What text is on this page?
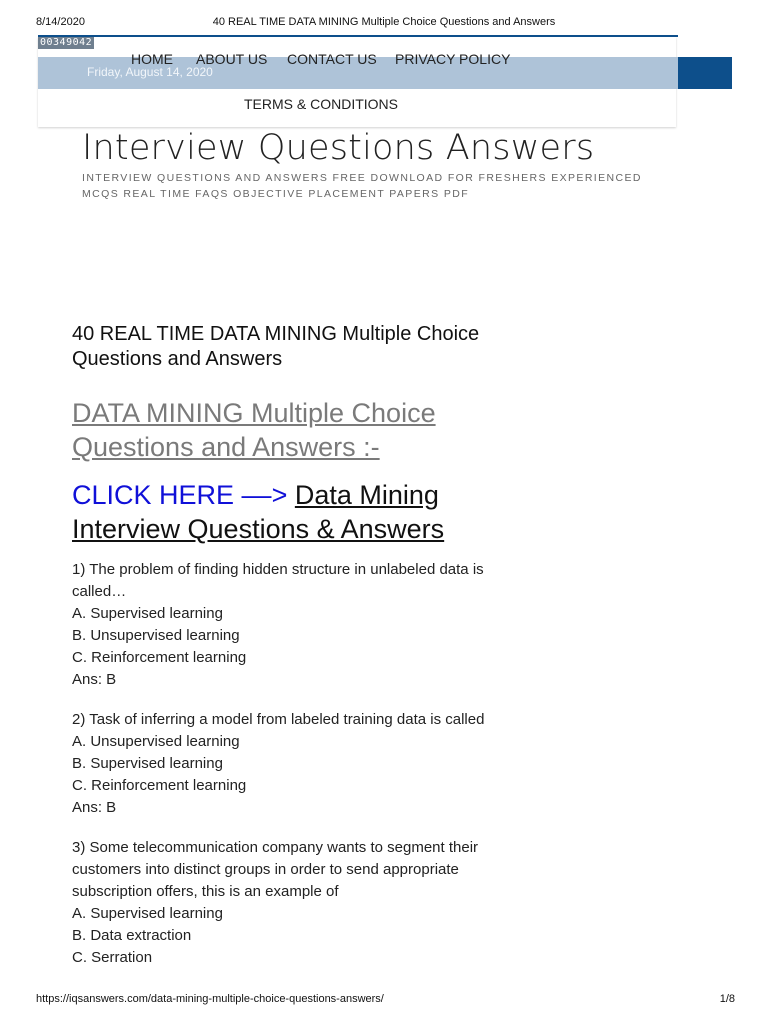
8/14/2020	40 REAL TIME DATA MINING Multiple Choice Questions and Answers
00349042
HOME ABOUT US CONTACT US PRIVACY POLICY
Friday, August 14, 2020
TERMS & CONDITIONS
Interview Questions Answers
INTERVIEW QUESTIONS AND ANSWERS FREE DOWNLOAD FOR FRESHERS EXPERIENCED MCQS REAL TIME FAQS OBJECTIVE PLACEMENT PAPERS PDF
40 REAL TIME DATA MINING Multiple Choice Questions and Answers
DATA MINING Multiple Choice Questions and Answers :-
CLICK HERE ––> Data Mining Interview Questions & Answers
1) The problem of finding hidden structure in unlabeled data is called…
A. Supervised learning
B. Unsupervised learning
C. Reinforcement learning
Ans: B
2) Task of inferring a model from labeled training data is called
A. Unsupervised learning
B. Supervised learning
C. Reinforcement learning
Ans: B
3) Some telecommunication company wants to segment their customers into distinct groups in order to send appropriate subscription offers, this is an example of
A. Supervised learning
B. Data extraction
C. Serration
https://iqsanswers.com/data-mining-multiple-choice-questions-answers/	1/8
